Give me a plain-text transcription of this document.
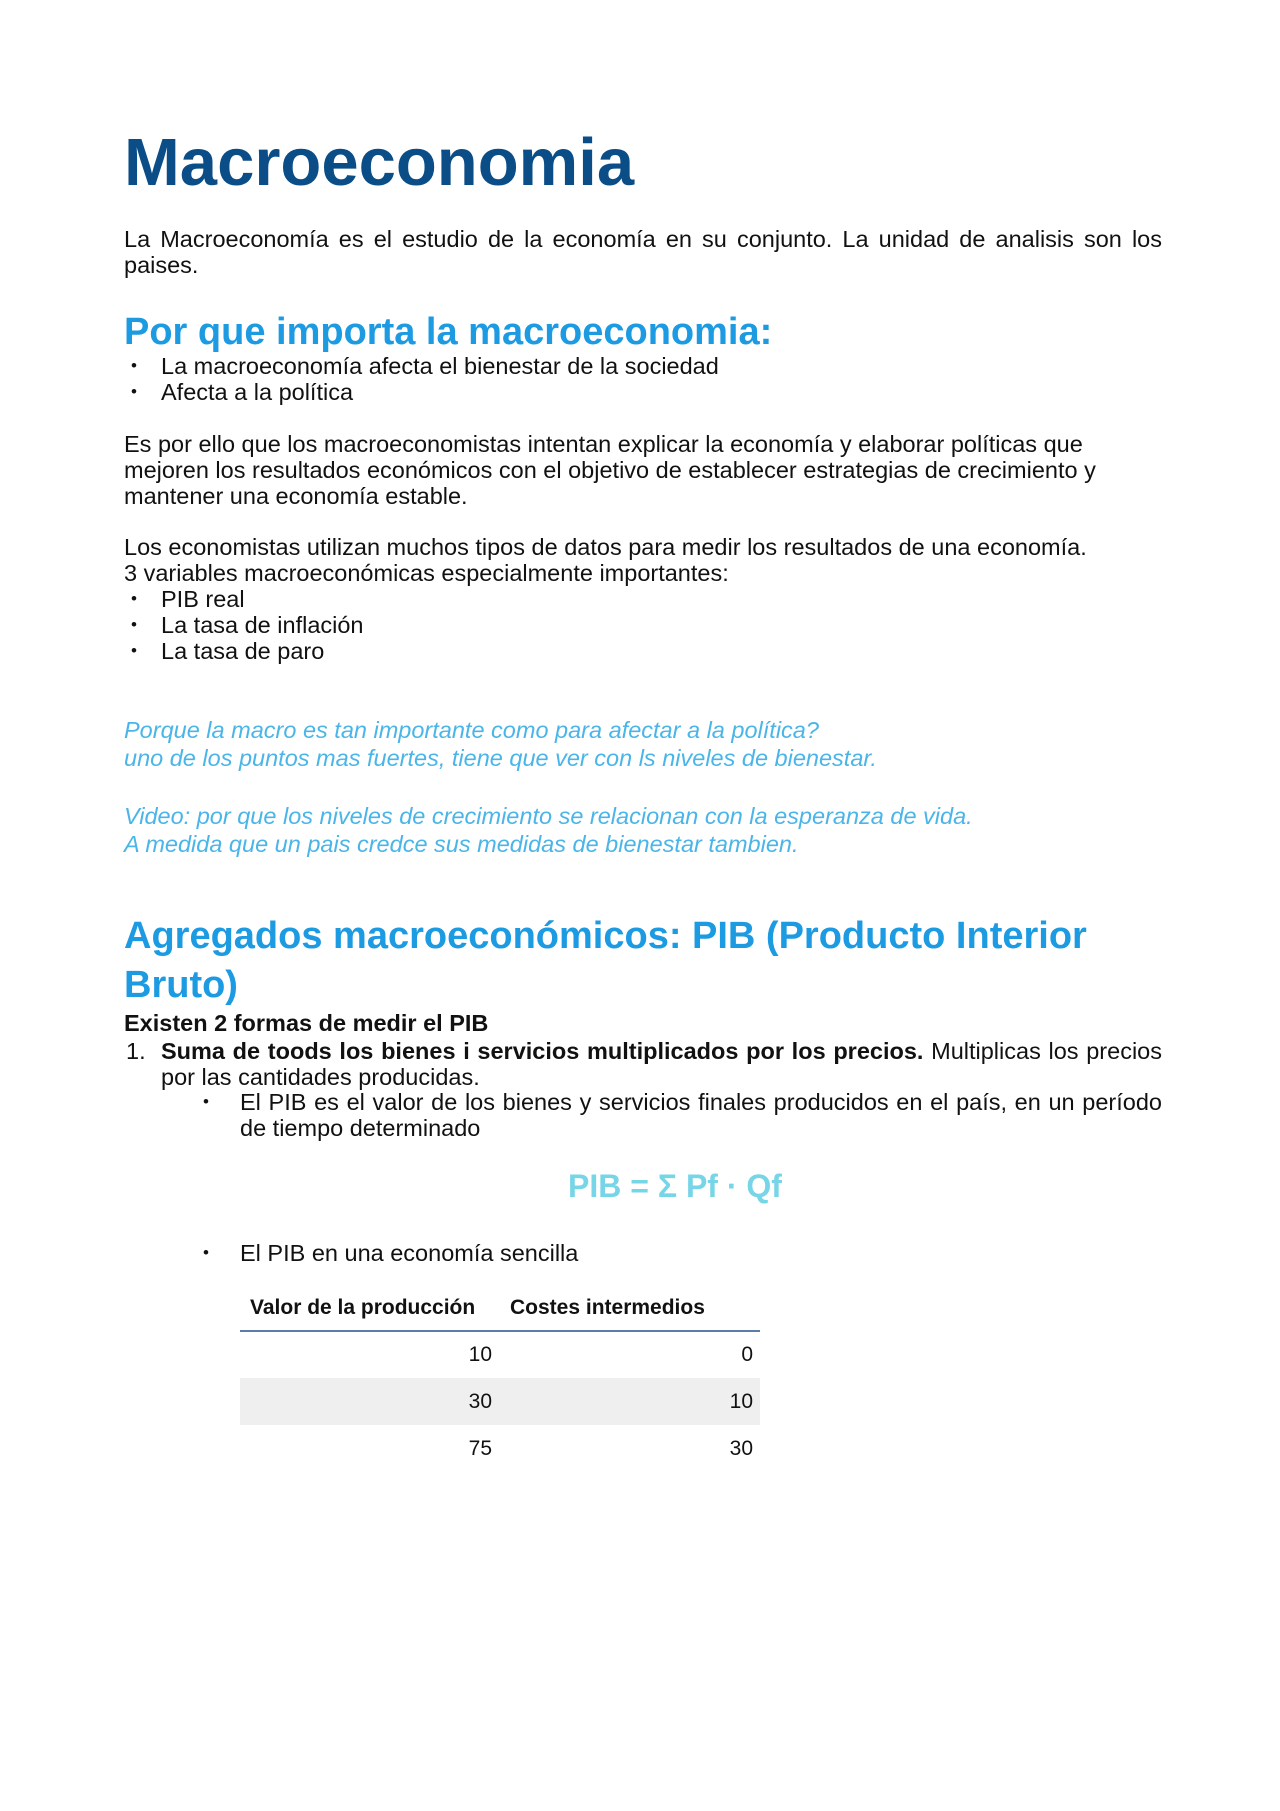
Macroeconomia

La Macroeconomía es el estudio de la economía en su conjunto. La unidad de analisis son los paises.

Por que importa la macroeconomia:
• La macroeconomía afecta el bienestar de la sociedad
• Afecta a la política

Es por ello que los macroeconomistas intentan explicar la economía y elaborar políticas que mejoren los resultados económicos con el objetivo de establecer estrategias de crecimiento y mantener una economía estable.

Los economistas utilizan muchos tipos de datos para medir los resultados de una economía.
3 variables macroeconómicas especialmente importantes:
• PIB real
• La tasa de inflación
• La tasa de paro
Porque la macro es tan importante como para afectar a la política?
uno de los puntos mas fuertes, tiene que ver con ls niveles de bienestar.
Video: por que los niveles de crecimiento se relacionan con la esperanza de vida.
A medida que un pais credce sus medidas de bienestar tambien.
Agregados macroeconómicos: PIB (Producto Interior Bruto)
Existen 2 formas de medir el PIB
1. Suma de toods los bienes i servicios multiplicados por los precios. Multiplicas los precios por las cantidades producidas.
• El PIB es el valor de los bienes y servicios finales producidos en el país, en un período de tiempo determinado
PIB = Σ Pf · Qf
• El PIB en una economía sencilla
Valor de la producción	Costes intermedios
10	0
30	10
75	30
